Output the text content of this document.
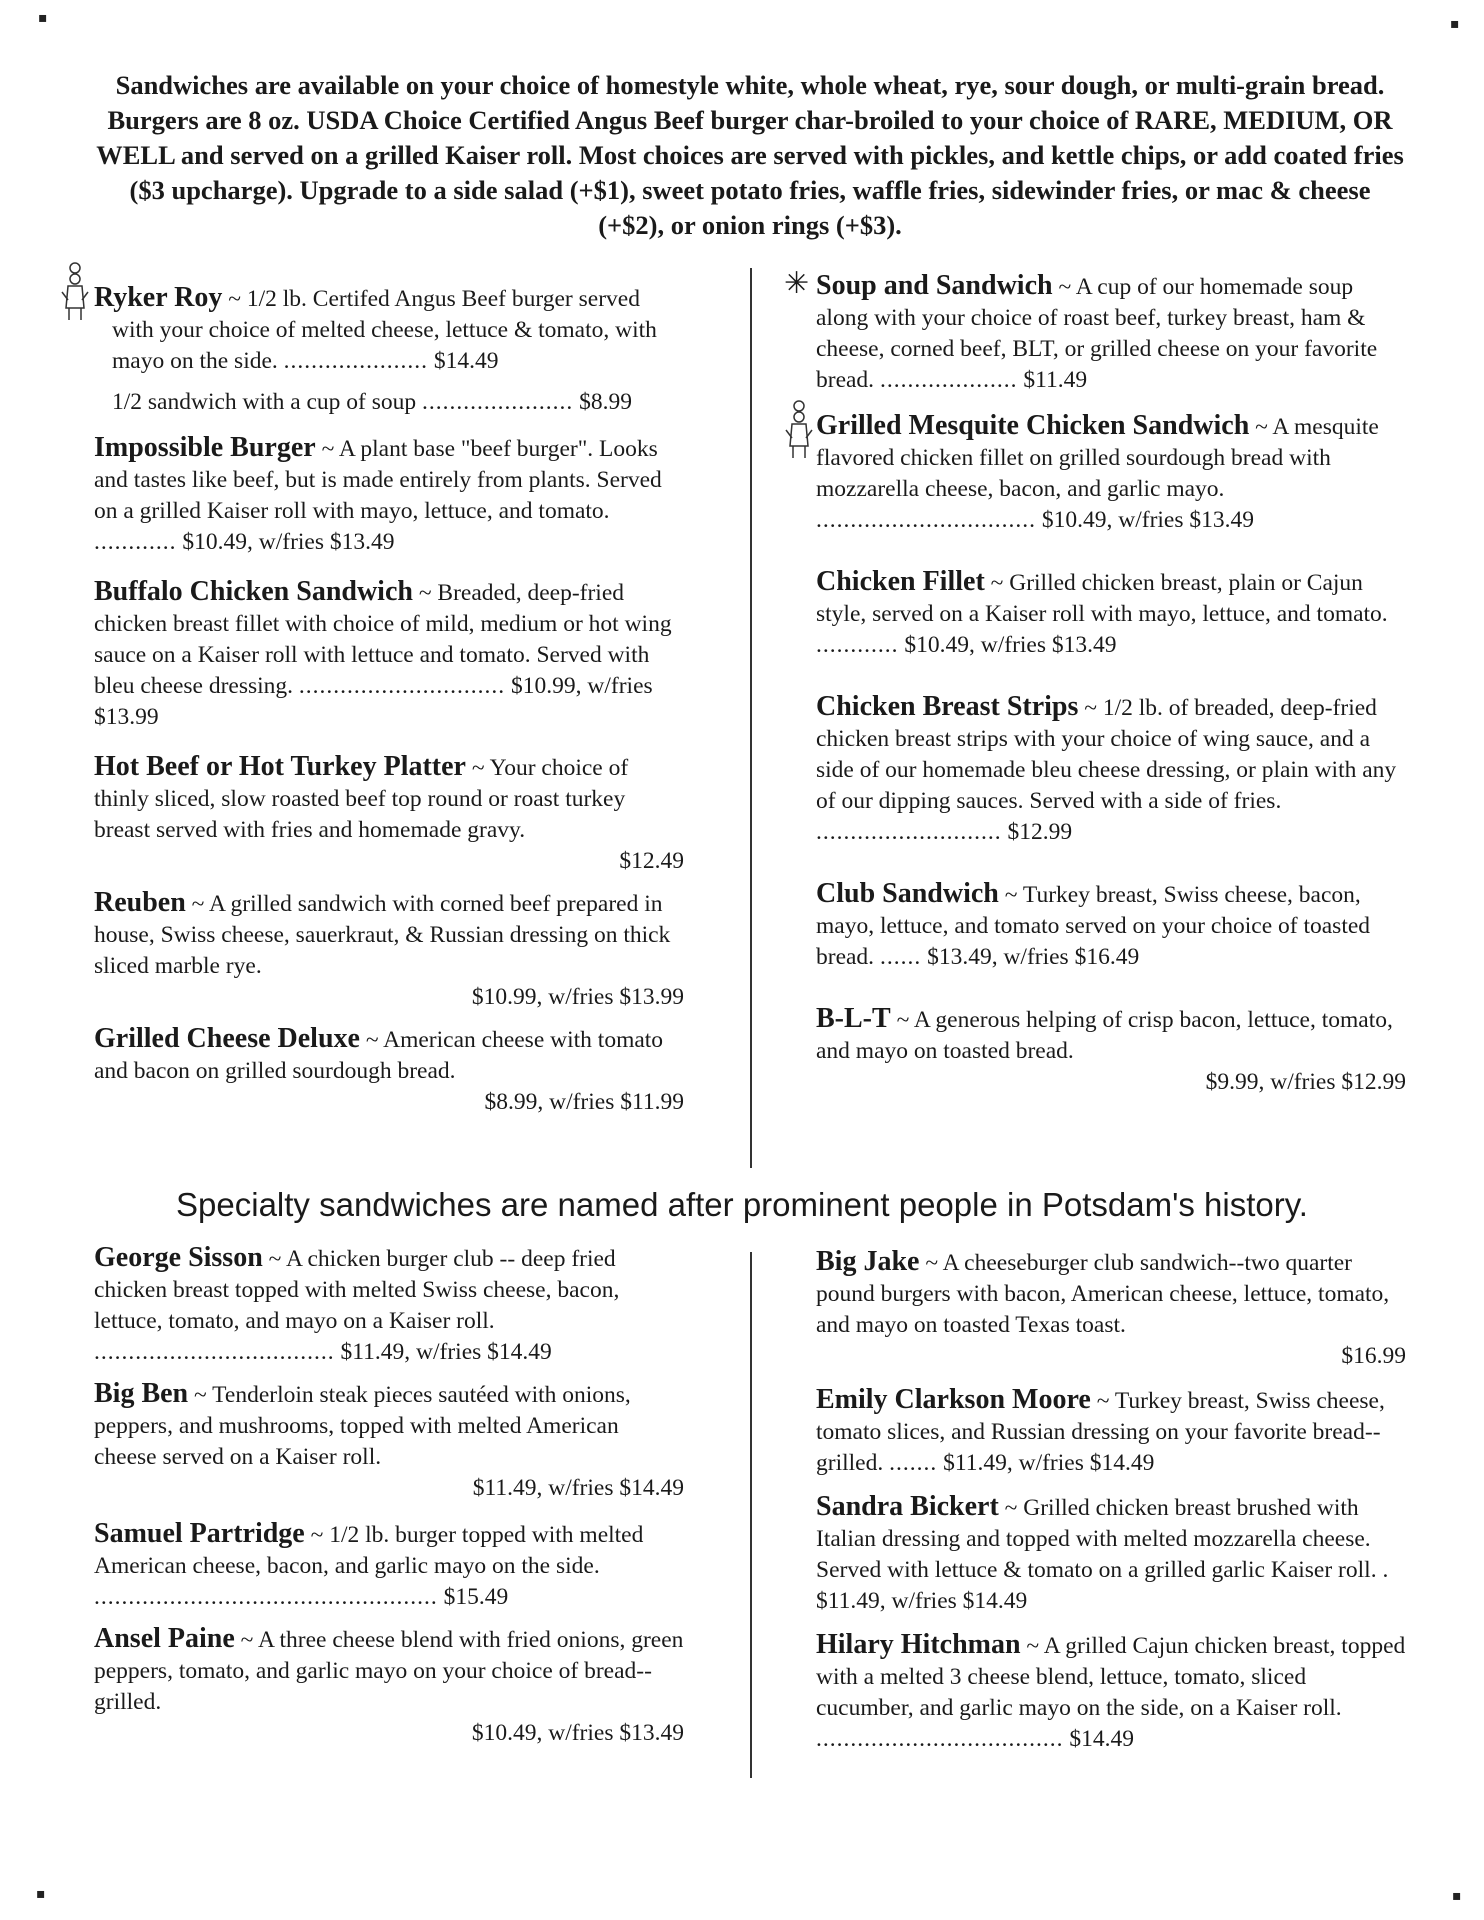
▪	▪
▪	▪
Sandwiches are available on your choice of homestyle white, whole wheat, rye, sour dough, or multi-grain bread. Burgers are 8 oz. USDA Choice Certified Angus Beef burger char-broiled to your choice of RARE, MEDIUM, OR WELL and served on a grilled Kaiser roll. Most choices are served with pickles, and kettle chips, or add coated fries ($3 upcharge). Upgrade to a side salad (+$1), sweet potato fries, waffle fries, sidewinder fries, or mac & cheese (+$2), or onion rings (+$3).
Ryker Roy ~ 1/2 lb. Certifed Angus Beef burger served with your choice of melted cheese, lettuce & tomato, with mayo on the side. ..................... $14.49
1/2 sandwich with a cup of soup ...................... $8.99
Impossible Burger ~ A plant base "beef burger". Looks and tastes like beef, but is made entirely from plants. Served on a grilled Kaiser roll with mayo, lettuce, and tomato. ............ $10.49, w/fries $13.49
Buffalo Chicken Sandwich ~ Breaded, deep-fried chicken breast fillet with choice of mild, medium or hot wing sauce on a Kaiser roll with lettuce and tomato. Served with bleu cheese dressing. .............................. $10.99, w/fries $13.99
Hot Beef or Hot Turkey Platter ~ Your choice of thinly sliced, slow roasted beef top round or roast turkey breast served with fries and homemade gravy.
$12.49
Reuben ~ A grilled sandwich with corned beef prepared in house, Swiss cheese, sauerkraut, & Russian dressing on thick sliced marble rye.
$10.99, w/fries $13.99
Grilled Cheese Deluxe ~ American cheese with tomato and bacon on grilled sourdough bread.
$8.99, w/fries $11.99
✳ Soup and Sandwich ~ A cup of our homemade soup along with your choice of roast beef, turkey breast, ham & cheese, corned beef, BLT, or grilled cheese on your favorite bread. .................... $11.49
Grilled Mesquite Chicken Sandwich ~ A mesquite flavored chicken fillet on grilled sourdough bread with mozzarella cheese, bacon, and garlic mayo. ................................ $10.49, w/fries $13.49
Chicken Fillet ~ Grilled chicken breast, plain or Cajun style, served on a Kaiser roll with mayo, lettuce, and tomato. ............ $10.49, w/fries $13.49
Chicken Breast Strips ~ 1/2 lb. of breaded, deep-fried chicken breast strips with your choice of wing sauce, and a side of our homemade bleu cheese dressing, or plain with any of our dipping sauces. Served with a side of fries. ........................... $12.99
Club Sandwich ~ Turkey breast, Swiss cheese, bacon, mayo, lettuce, and tomato served on your choice of toasted bread. ...... $13.49, w/fries $16.49
B-L-T ~ A generous helping of crisp bacon, lettuce, tomato, and mayo on toasted bread.
$9.99, w/fries $12.99
Specialty sandwiches are named after prominent people in Potsdam's history.
George Sisson ~ A chicken burger club -- deep fried chicken breast topped with melted Swiss cheese, bacon, lettuce, tomato, and mayo on a Kaiser roll. ................................... $11.49, w/fries $14.49
Big Ben ~ Tenderloin steak pieces sautéed with onions, peppers, and mushrooms, topped with melted American cheese served on a Kaiser roll.
$11.49, w/fries $14.49
Samuel Partridge ~ 1/2 lb. burger topped with melted American cheese, bacon, and garlic mayo on the side. .................................................. $15.49
Ansel Paine ~ A three cheese blend with fried onions, green peppers, tomato, and garlic mayo on your choice of bread--grilled.
$10.49, w/fries $13.49
Big Jake ~ A cheeseburger club sandwich--two quarter pound burgers with bacon, American cheese, lettuce, tomato, and mayo on toasted Texas toast.
$16.99
Emily Clarkson Moore ~ Turkey breast, Swiss cheese, tomato slices, and Russian dressing on your favorite bread--grilled. ....... $11.49, w/fries $14.49
Sandra Bickert ~ Grilled chicken breast brushed with Italian dressing and topped with melted mozzarella cheese. Served with lettuce & tomato on a grilled garlic Kaiser roll. . $11.49, w/fries $14.49
Hilary Hitchman ~ A grilled Cajun chicken breast, topped with a melted 3 cheese blend, lettuce, tomato, sliced cucumber, and garlic mayo on the side, on a Kaiser roll. .................................... $14.49
